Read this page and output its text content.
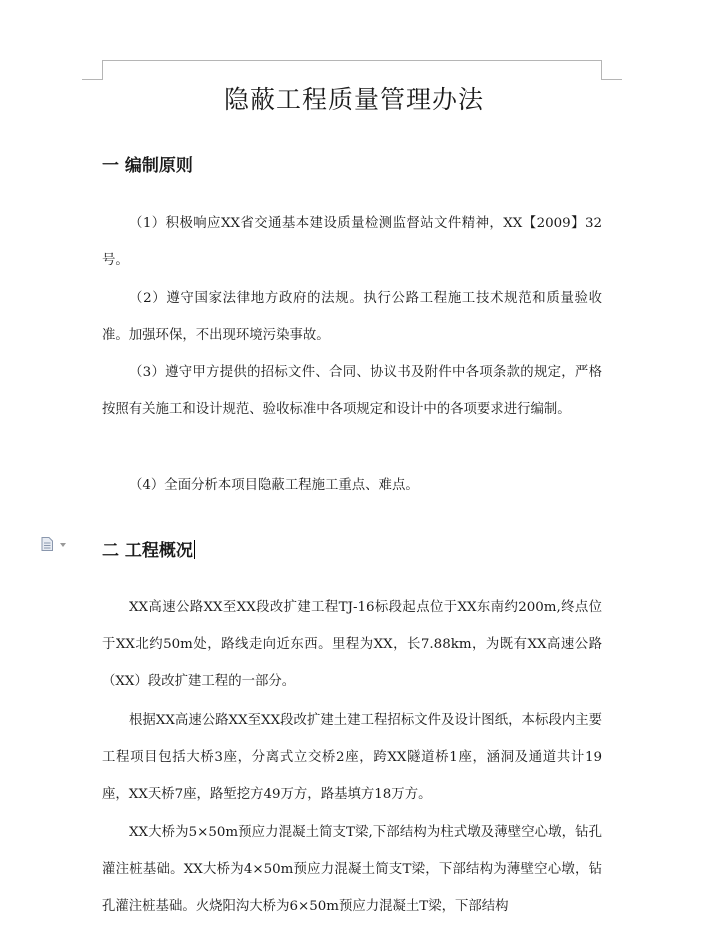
隐蔽工程质量管理办法
一 编制原则

（1）积极响应XX省交通基本建设质量检测监督站文件精神，XX【2009】32号。

（2）遵守国家法律地方政府的法规。执行公路工程施工技术规范和质量验收准。加强环保，不出现环境污染事故。

（3）遵守甲方提供的招标文件、合同、协议书及附件中各项条款的规定，严格按照有关施工和设计规范、验收标准中各项规定和设计中的各项要求进行编制。

（4）全面分析本项目隐蔽工程施工重点、难点。

二 工程概况

XX高速公路XX至XX段改扩建工程TJ-16标段起点位于XX东南约200m,终点位于XX北约50m处，路线走向近东西。里程为XX，长7.88km，为既有XX高速公路（XX）段改扩建工程的一部分。

根据XX高速公路XX至XX段改扩建土建工程招标文件及设计图纸，本标段内主要工程项目包括大桥3座，分离式立交桥2座，跨XX隧道桥1座，涵洞及通道共计19座，XX天桥7座，路堑挖方49万方，路基填方18万方。

XX大桥为5×50m预应力混凝土简支T梁,下部结构为柱式墩及薄壁空心墩，钻孔灌注桩基础。XX大桥为4×50m预应力混凝土简支T梁，下部结构为薄壁空心墩，钻孔灌注桩基础。火烧阳沟大桥为6×50m预应力混凝土T梁，下部结构
